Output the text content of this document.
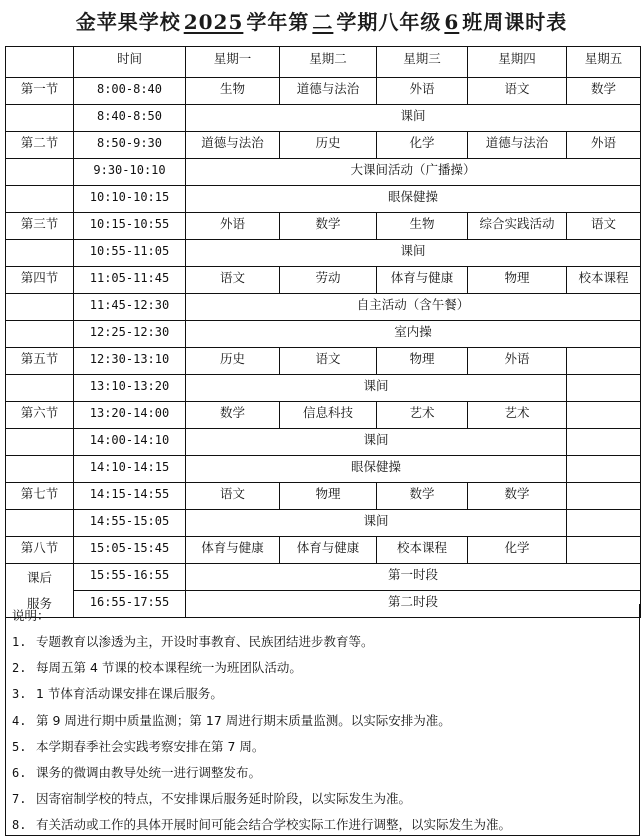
金苹果学校 2025 学年第 二 学期八年级 6 班周课时表
	时间	星期一	星期二	星期三	星期四	星期五
第一节	8:00-8:40	生物	道德与法治	外语	语文	数学
	8:40-8:50	课间				
第二节	8:50-9:30	道德与法治	历史	化学	道德与法治	外语
	9:30-10:10	大课间活动（广播操）				
	10:10-10:15	眼保健操				
第三节	10:15-10:55	外语	数学	生物	综合实践活动	语文
	10:55-11:05	课间				
第四节	11:05-11:45	语文	劳动	体育与健康	物理	校本课程
	11:45-12:30	自主活动（含午餐）				
	12:25-12:30	室内操				
第五节	12:30-13:10	历史	语文	物理	外语	
	13:10-13:20	课间				
第六节	13:20-14:00	数学	信息科技	艺术	艺术	
	14:00-14:10	课间				
	14:10-14:15	眼保健操				
第七节	14:15-14:55	语文	物理	数学	数学	
	14:55-15:05	课间				
第八节	15:05-15:45	体育与健康	体育与健康	校本课程	化学	

课后
服务	15:55-16:55	第一时段				
	16:55-17:55	第二时段				
说明：
1. 专题教育以渗透为主，开设时事教育、民族团结进步教育等。
2. 每周五第 4 节课的校本课程统一为班团队活动。
3. 1 节体育活动课安排在课后服务。
4. 第 9 周进行期中质量监测；第 17 周进行期末质量监测。以实际安排为准。
5. 本学期春季社会实践考察安排在第 7 周。
6. 课务的微调由教导处统一进行调整发布。
7. 因寄宿制学校的特点，不安排课后服务延时阶段，以实际发生为准。
8. 有关活动或工作的具体开展时间可能会结合学校实际工作进行调整，以实际发生为准。
